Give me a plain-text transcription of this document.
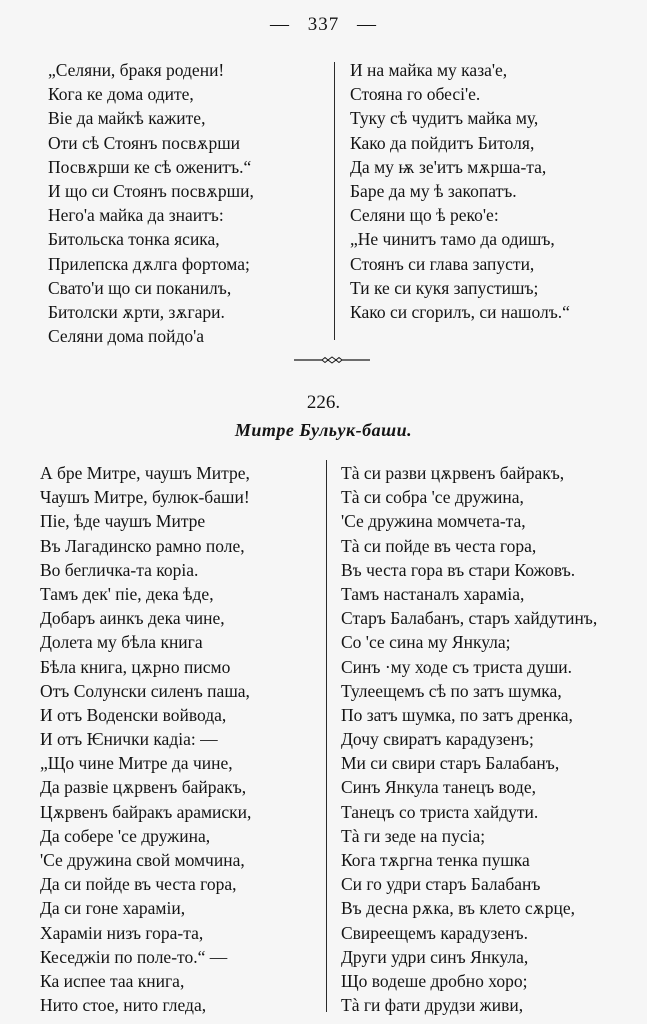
— 337 —
„Селяни, бракя родени!
Кога ке дома одите,
Віе да майкѣ кажите,
Оти сѣ Стоянъ посвѫрши
Посвѫрши ке сѣ оженитъ.“
И що си Стоянъ посвѫрши,
Него'а майка да знаитъ:
Битольска тонка ясика,
Прилепска дѫлга фортома;
Свато'и що си поканилъ,
Битолски ѫрти, зѫгари.
Селяни дома пойдо'а
И на майка му каза'е,
Стояна го обесі'е.
Туку сѣ чудитъ майка му,
Како да пойдитъ Битоля,
Да му ѭ зе'итъ мѫрша-та,
Баре да му ѣ закопатъ.
Селяни що ѣ реко'е:
„Не чинитъ тамо да одишъ,
Стоянъ си глава запусти,
Ти ке си кукя запустишъ;
Како си сгорилъ, си нашолъ.“
226.
Митре Бульук-баши.
А бре Митре, чаушъ Митре,
Чаушъ Митре, булюк-баши!
Піе, ѣде чаушъ Митре
Въ Лагадинско рамно поле,
Во бегличка-та коріа.
Тамъ дек' піе, дека ѣде,
Добаръ аинкъ дека чине,
Долета му бѣла книга
Бѣла книга, цѫрно писмо
Отъ Солунски силенъ паша,
И отъ Воденски войвода,
И отъ Ѥнички кадіа: —
„Що чине Митре да чине,
Да развіе цѫрвенъ байракъ,
Цѫрвенъ байракъ арамиски,
Да собере 'се дружина,
'Се дружина свой момчина,
Да си пойде въ честа гора,
Да си гоне харамiи,
Харамiи низъ гора-та,
Кеседжiи по поле-то.“ —
Ка испее таа книга,
Нито стое, нито гледа,
Тà си разви цѫрвенъ байракъ,
Тà си собра 'се дружина,
'Се дружина момчета-та,
Тà си пойде въ честа гора,
Въ честа гора въ стари Кожовъ.
Тамъ настаналъ харамiа,
Старъ Балабанъ, старъ хайдутинъ,
Со 'се сина му Янкула;
Синъ ·му ходе съ триста души.
Тулеещемъ сѣ по затъ шумка,
По затъ шумка, по затъ дренка,
Дочу свиратъ карадузенъ;
Ми си свири старъ Балабанъ,
Синъ Янкула танецъ воде,
Танецъ со триста хайдути.
Тà ги зеде на пусіа;
Кога тѫргна тенка пушка
Си го удри старъ Балабанъ
Въ десна рѫка, въ клето сѫрце,
Свиреещемъ карадузенъ.
Други удри синъ Янкула,
Що водеше дробно хоро;
Тà ги фати друдзи живи,
